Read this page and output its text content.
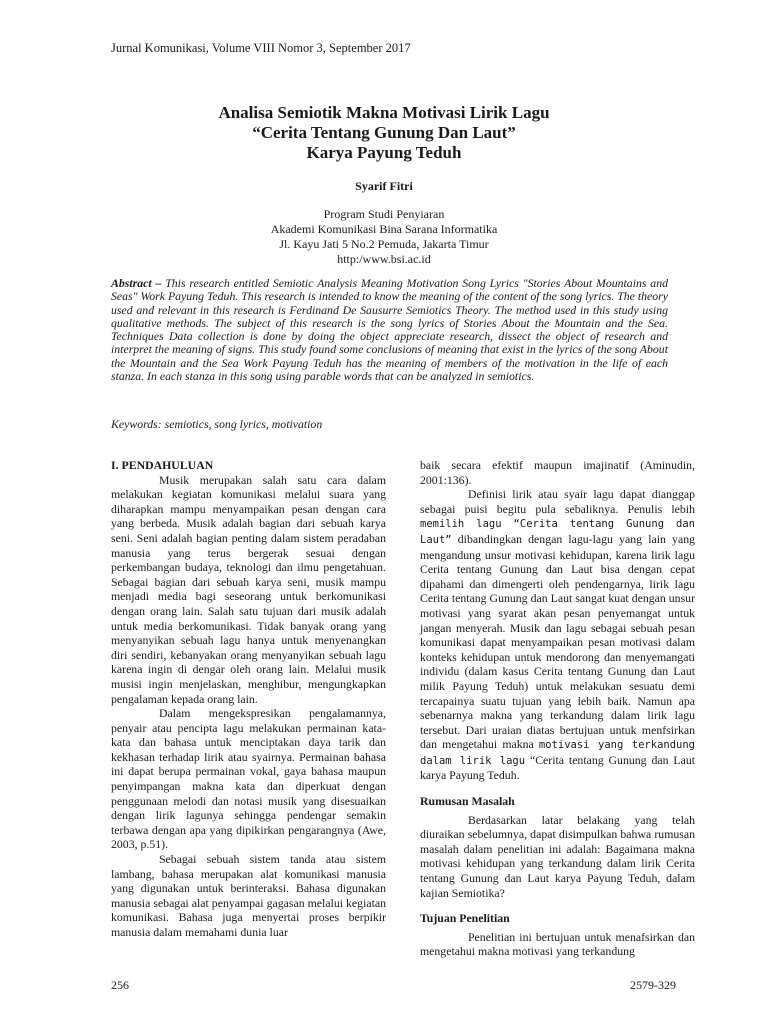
Jurnal Komunikasi, Volume VIII Nomor 3, September 2017
Analisa Semiotik Makna Motivasi Lirik Lagu
“Cerita Tentang Gunung Dan Laut”
Karya Payung Teduh
Syarif Fitri
Program Studi Penyiaran
Akademi Komunikasi Bina Sarana Informatika
Jl. Kayu Jati 5 No.2 Pemuda, Jakarta Timur
http:/www.bsi.ac.id
Abstract – This research entitled Semiotic Analysis Meaning Motivation Song Lyrics "Stories About Mountains and Seas" Work Payung Teduh. This research is intended to know the meaning of the content of the song lyrics. The theory used and relevant in this research is Ferdinand De Sausurre Semiotics Theory. The method used in this study using qualitative methods. The subject of this research is the song lyrics of Stories About the Mountain and the Sea. Techniques Data collection is done by doing the object appreciate research, dissect the object of research and interpret the meaning of signs. This study found some conclusions of meaning that exist in the lyrics of the song About the Mountain and the Sea Work Payung Teduh has the meaning of members of the motivation in the life of each stanza. In each stanza in this song using parable words that can be analyzed in semiotics.
Keywords: semiotics, song lyrics, motivation

I. PENDAHULUAN

Musik merupakan salah satu cara dalam melakukan kegiatan komunikasi melalui suara yang diharapkan mampu menyampaikan pesan dengan cara yang berbeda. Musik adalah bagian dari sebuah karya seni. Seni adalah bagian penting dalam sistem peradaban manusia yang terus bergerak sesuai dengan perkembangan budaya, teknologi dan ilmu pengetahuan. Sebagai bagian dari sebuah karya seni, musik mampu menjadi media bagi seseorang untuk berkomunikasi dengan orang lain. Salah satu tujuan dari musik adalah untuk media berkomunikasi. Tidak banyak orang yang menyanyikan sebuah lagu hanya untuk menyenangkan diri sendiri, kebanyakan orang menyanyikan sebuah lagu karena ingin di dengar oleh orang lain. Melalui musik musisi ingin menjelaskan, menghibur, mengungkapkan pengalaman kepada orang lain.

Dalam mengekspresikan pengalamannya, penyair atau pencipta lagu melakukan permainan kata-kata dan bahasa untuk menciptakan daya tarik dan kekhasan terhadap lirik atau syairnya. Permainan bahasa ini dapat berupa permainan vokal, gaya bahasa maupun penyimpangan makna kata dan diperkuat dengan penggunaan melodi dan notasi musik yang disesuaikan dengan lirik lagunya sehingga pendengar semakin terbawa dengan apa yang dipikirkan pengarangnya (Awe, 2003, p.51).

Sebagai sebuah sistem tanda atau sistem lambang, bahasa merupakan alat komunikasi manusia yang digunakan untuk berinteraksi. Bahasa digunakan manusia sebagai alat penyampai gagasan melalui kegiatan komunikasi. Bahasa juga menyertai proses berpikir manusia dalam memahami dunia luar

baik secara efektif maupun imajinatif (Aminudin, 2001:136).

Definisi lirik atau syair lagu dapat dianggap sebagai puisi begitu pula sebaliknya. Penulis lebih memilih lagu “Cerita tentang Gunung dan Laut” dibandingkan dengan lagu-lagu yang lain yang mengandung unsur motivasi kehidupan, karena lirik lagu Cerita tentang Gunung dan Laut bisa dengan cepat dipahami dan dimengerti oleh pendengarnya, lirik lagu Cerita tentang Gunung dan Laut sangat kuat dengan unsur motivasi yang syarat akan pesan penyemangat untuk jangan menyerah. Musik dan lagu sebagai sebuah pesan komunikasi dapat menyampaikan pesan motivasi dalam konteks kehidupan untuk mendorong dan menyemangati individu (dalam kasus Cerita tentang Gunung dan Laut milik Payung Teduh) untuk melakukan sesuatu demi tercapainya suatu tujuan yang lebih baik. Namun apa sebenarnya makna yang terkandung dalam lirik lagu tersebut. Dari uraian diatas bertujuan untuk menfsirkan dan mengetahui makna motivasi yang terkandung dalam lirik lagu “Cerita tentang Gunung dan Laut karya Payung Teduh.

Rumusan Masalah

Berdasarkan latar belakang yang telah diuraikan sebelumnya, dapat disimpulkan bahwa rumusan masalah dalam penelitian ini adalah: Bagaimana makna motivasi kehidupan yang terkandung dalam lirik Cerita tentang Gunung dan Laut karya Payung Teduh, dalam kajian Semiotika?

Tujuan Penelitian

Penelitian ini bertujuan untuk menafsirkan dan mengetahui makna motivasi yang terkandung

256	2579-329
